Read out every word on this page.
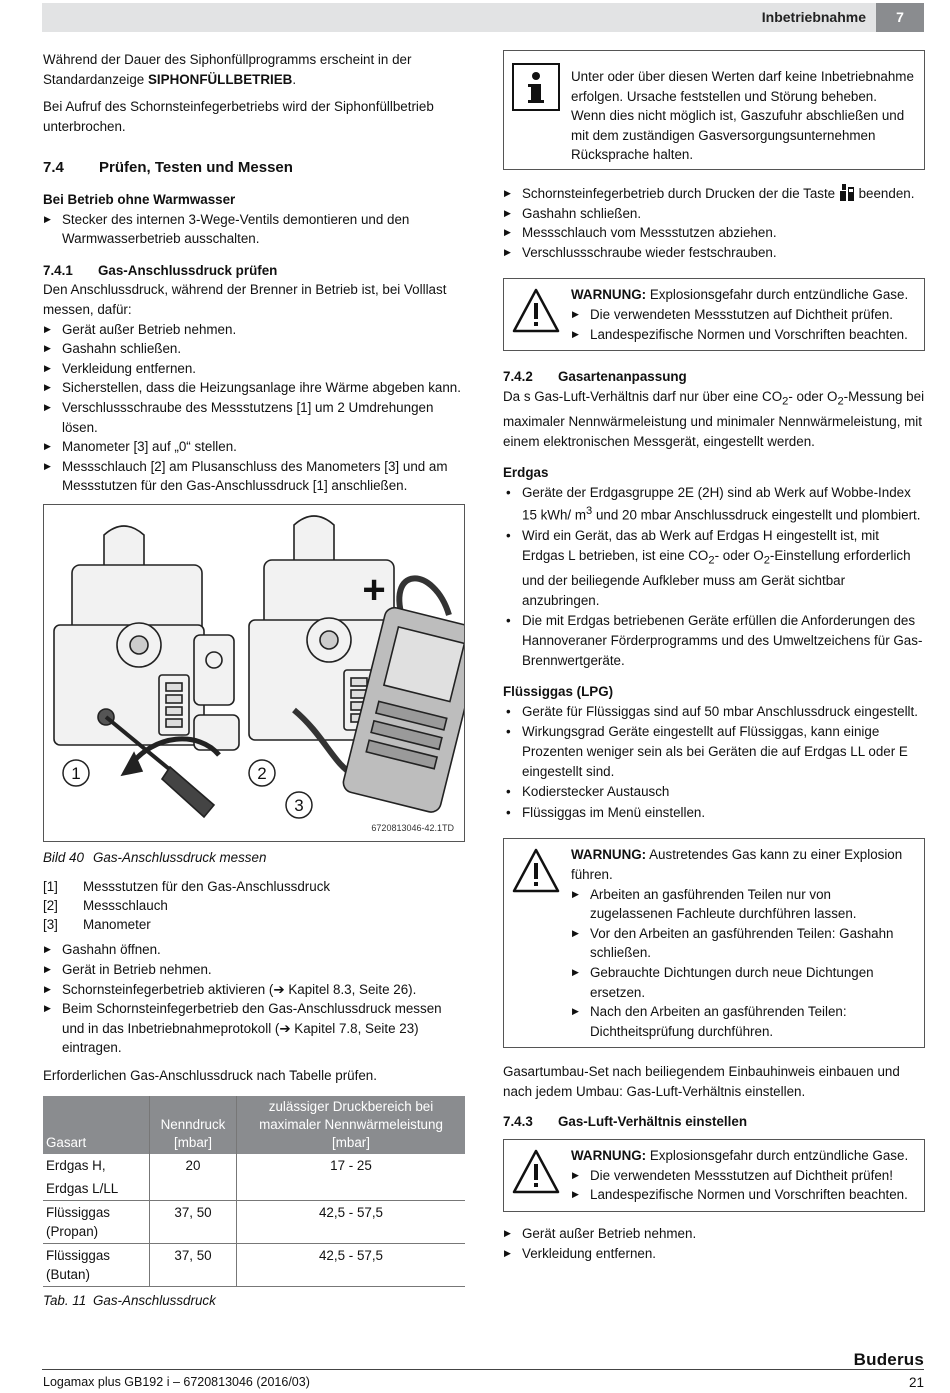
Inbetriebnahme	7

Während der Dauer des Siphonfüllprogramms erscheint in der Standardanzeige SIPHONFÜLLBETRIEB.

Bei Aufruf des Schornsteinfegerbetriebs wird der Siphonfüllbetrieb unterbrochen.

7.4 Prüfen, Testen und Messen
Bei Betrieb ohne Warmwasser
▶ Stecker des internen 3-Wege-Ventils demontieren und den Warmwasserbetrieb ausschalten.
7.4.1 Gas-Anschlussdruck prüfen

Den Anschlussdruck, während der Brenner in Betrieb ist, bei Volllast messen, dafür:

▶ Gerät außer Betrieb nehmen.
▶ Gashahn schließen.
▶ Verkleidung entfernen.
▶ Sicherstellen, dass die Heizungsanlage ihre Wärme abgeben kann.
▶ Verschlussschraube des Messstutzens [1] um 2 Umdrehungen lösen.
▶ Manometer [3] auf „0“ stellen.
▶ Messschlauch [2] am Plusanschluss des Manometers [3] und am Messstutzen für den Gas-Anschlussdruck [1] anschließen.
1	2
3
+
6720813046-42.1TD
Bild 40 Gas-Anschlussdruck messen
[1] Messstutzen für den Gas-Anschlussdruck
[2] Messschlauch
[3] Manometer
▶ Gashahn öffnen.
▶ Gerät in Betrieb nehmen.
▶ Schornsteinfegerbetrieb aktivieren (➔ Kapitel 8.3, Seite 26).
▶ Beim Schornsteinfegerbetrieb den Gas-Anschlussdruck messen und in das Inbetriebnahmeprotokoll (➔ Kapitel 7.8, Seite 23) eintragen.

Erforderlichen Gas-Anschlussdruck nach Tabelle prüfen.

Gasart	Nenndruck [mbar]	zulässiger Druckbereich bei maximaler Nennwärmeleistung [mbar]
Erdgas H,
Erdgas L/LL	20	17 - 25
Flüssiggas
(Propan)	37, 50	42,5 - 57,5
Flüssiggas
(Butan)	37, 50	42,5 - 57,5
Tab. 11 Gas-Anschlussdruck
Unter oder über diesen Werten darf keine Inbetriebnahme erfolgen. Ursache feststellen und Störung beheben. Wenn dies nicht möglich ist, Gaszufuhr abschließen und mit dem zuständigen Gasversorgungsunternehmen Rücksprache halten.
▶ Schornsteinfegerbetrieb durch Drucken der die Taste beenden.
▶ Gashahn schließen.
▶ Messschlauch vom Messstutzen abziehen.
▶ Verschlussschraube wieder festschrauben.
WARNUNG: Explosionsgefahr durch entzündliche Gase.
▶ Die verwendeten Messstutzen auf Dichtheit prüfen.
▶ Landespezifische Normen und Vorschriften beachten.
7.4.2 Gasartenanpassung

Da s Gas-Luft-Verhältnis darf nur über eine $CO_2-$ oder $O_2$-Messung bei maximaler Nennwärmeleistung und minimaler Nennwärmeleistung, mit einem elektronischen Messgerät, eingestellt werden.

Erdgas
• Geräte der Erdgasgruppe 2E (2H) sind ab Werk auf Wobbe-Index 15 kWh/ $m^3$ und 20 mbar Anschlussdruck eingestellt und plombiert.
• Wird ein Gerät, das ab Werk auf Erdgas H eingestellt ist, mit Erdgas L betrieben, ist eine $CO_2-$ oder $O_2$-Einstellung erforderlich und der beiliegende Aufkleber muss am Gerät sichtbar anzubringen.
• Die mit Erdgas betriebenen Geräte erfüllen die Anforderungen des Hannoveraner Förderprogramms und des Umweltzeichens für Gas-Brennwertgeräte.
Flüssiggas (LPG)
• Geräte für Flüssiggas sind auf 50 mbar Anschlussdruck eingestellt.
• Wirkungsgrad Geräte eingestellt auf Flüssiggas, kann einige Prozenten weniger sein als bei Geräten die auf Erdgas LL oder E eingestellt sind.
• Kodierstecker Austausch
• Flüssiggas im Menü einstellen.
WARNUNG: Austretendes Gas kann zu einer Explosion führen.
▶ Arbeiten an gasführenden Teilen nur von zugelassenen Fachleute durchführen lassen.
▶ Vor den Arbeiten an gasführenden Teilen: Gashahn schließen.
▶ Gebrauchte Dichtungen durch neue Dichtungen ersetzen.
▶ Nach den Arbeiten an gasführenden Teilen: Dichtheitsprüfung durchführen.

Gasartumbau-Set nach beiliegendem Einbauhinweis einbauen und nach jedem Umbau: Gas-Luft-Verhältnis einstellen.

7.4.3 Gas-Luft-Verhältnis einstellen
WARNUNG: Explosionsgefahr durch entzündliche Gase.
▶ Die verwendeten Messstutzen auf Dichtheit prüfen!
▶ Landespezifische Normen und Vorschriften beachten.
▶ Gerät außer Betrieb nehmen.
▶ Verkleidung entfernen.
Buderus
Logamax plus GB192 i – 6720813046 (2016/03)	21
